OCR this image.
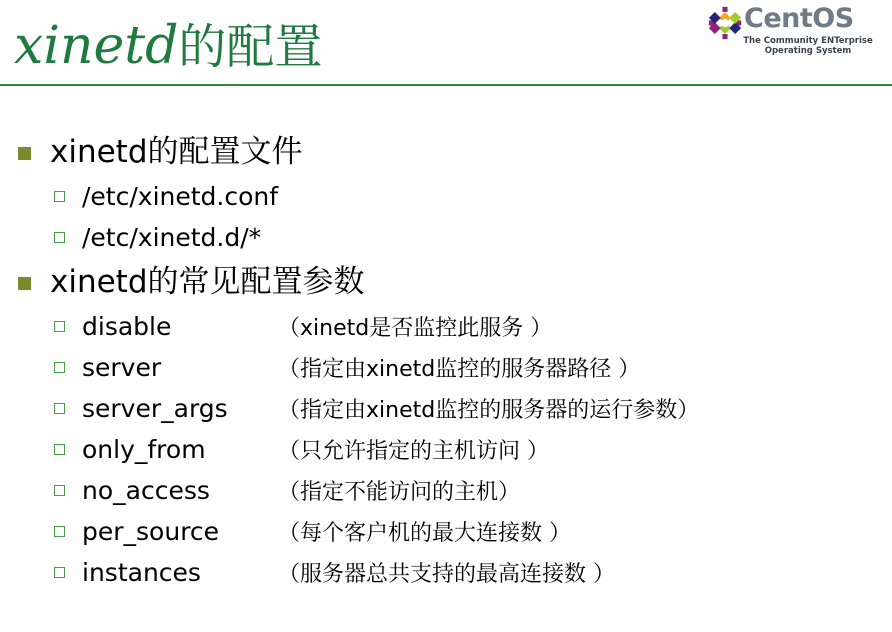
xinetd的配置
CentOS
The Community ENTerprise
Operating System
xinetd的配置文件
/etc/xinetd.conf
/etc/xinetd.d/*
xinetd的常见配置参数
disable	（xinetd是否监控此服务 ）
server	（指定由xinetd监控的服务器路径 ）
server_args	（指定由xinetd监控的服务器的运行参数）
only_from	（只允许指定的主机访问 ）
no_access	（指定不能访问的主机）
per_source	（每个客户机的最大连接数 ）
instances	（服务器总共支持的最高连接数 ）
